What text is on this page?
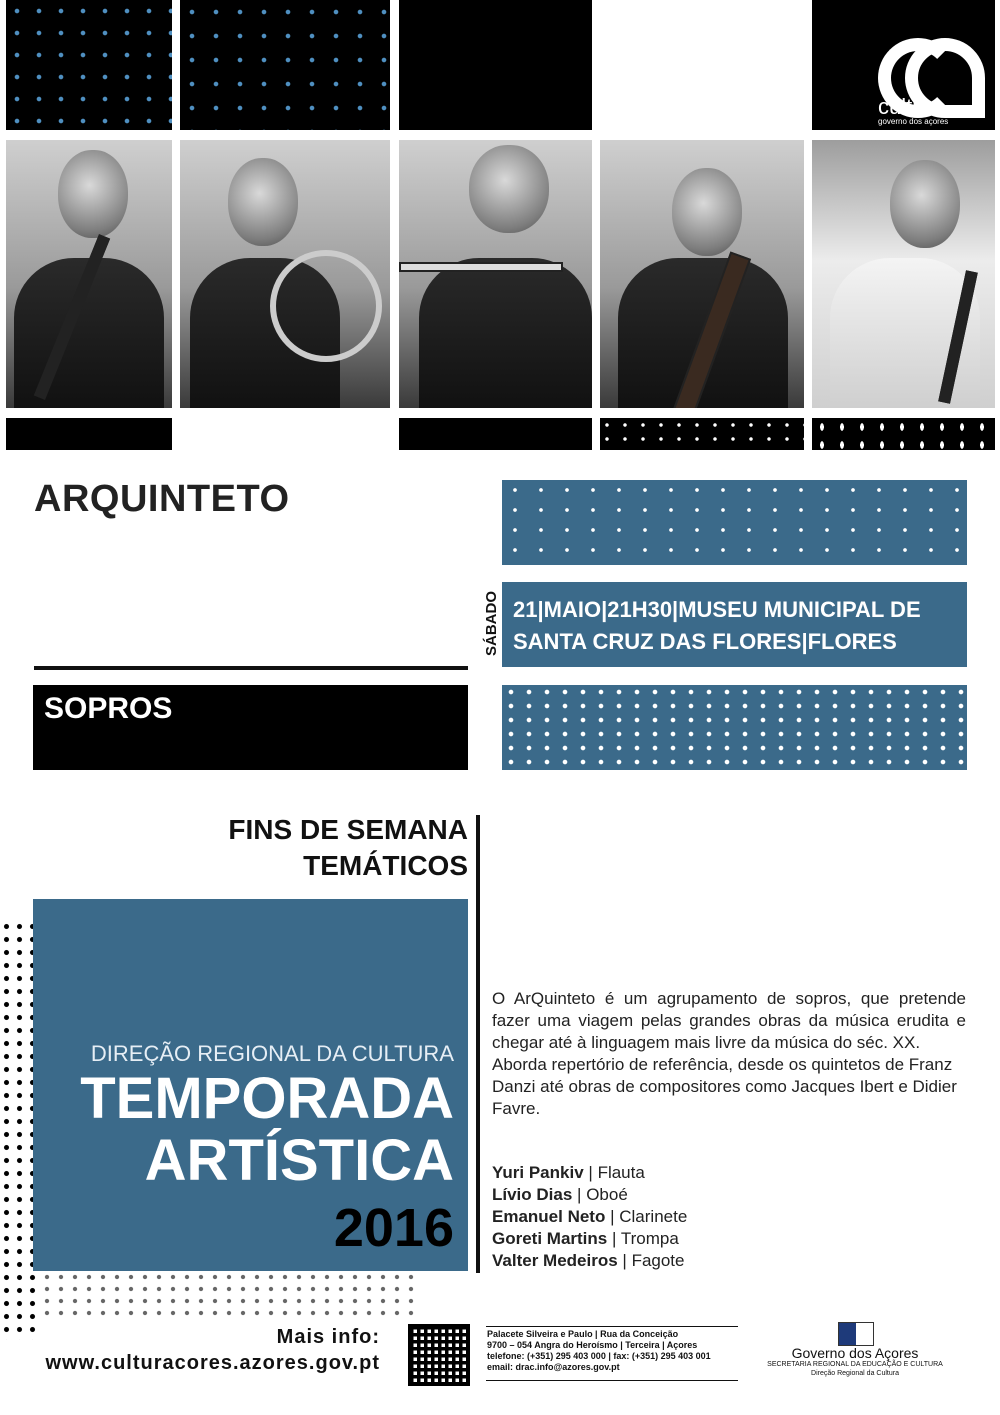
cultura
governo dos açores
ARQUINTETO
SÁBADO 21|MAIO|21H30|MUSEU MUNICIPAL DE SANTA CRUZ DAS FLORES|FLORES
SOPROS
FINS DE SEMANA
TEMÁTICOS
DIREÇÃO REGIONAL DA CULTURA
TEMPORADA
ARTÍSTICA
2016
O ArQuinteto é um agrupamento de sopros, que pretende fazer uma viagem pelas grandes obras da música erudita e chegar até à linguagem mais livre da música do séc. XX.
Aborda repertório de referência, desde os quintetos de Franz Danzi até obras de compositores como Jacques Ibert e Didier Favre.
Yuri Pankiv | Flauta
Lívio Dias | Oboé
Emanuel Neto | Clarinete
Goreti Martins | Trompa
Valter Medeiros | Fagote
Mais info:
www.culturacores.azores.gov.pt
Palacete Silveira e Paulo | Rua da Conceição
9700 – 054 Angra do Heroísmo | Terceira | Açores
telefone: (+351) 295 403 000 | fax: (+351) 295 403 001
email: drac.info@azores.gov.pt
Governo dos Açores
SECRETARIA REGIONAL DA EDUCAÇÃO E CULTURA
Direção Regional da Cultura
